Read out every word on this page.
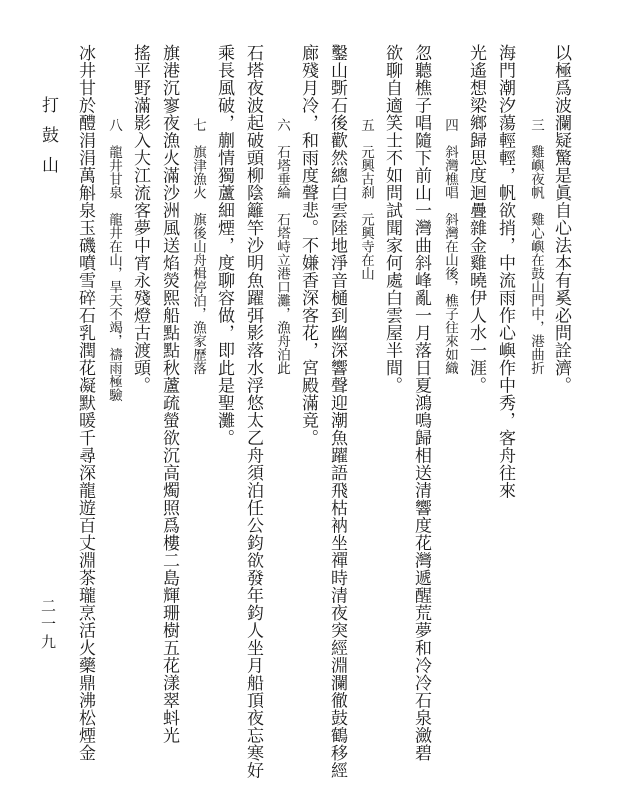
打鼓山
二一九
以極爲波瀾疑驚是眞自心法本有奚必問詮濟。
三　雞嶼夜帆　雞心嶼在鼓山門中，港曲折
海門潮汐蕩輕輕，帆欲捎，中流雨作心嶼作中秀，客舟往來
光遙想梁鄉歸思度迴疊雜金雞曉伊人水一涯。
四　斜灣樵唱　斜灣在山後，樵子往來如織
忽聽樵子唱隨下前山一灣曲斜峰亂一月落日夏鴻鳴歸相送清響度花灣遞醒荒夢和冷冷石泉瀲碧
欲聊自適笑士不如問試聞家何處白雲屋半間。
五　元興古刹　元興寺在山
鑿山斲石後歡然總白雲陸地淨音樋到幽深響聲迎潮魚躍語飛枯衲坐禪時清夜突經淵瀾徹鼓鶴移經
廊殘月冷，和雨度聲悲。不嫌香深客花，宮殿滿竟。
六　石塔垂綸　石塔峙立港口灘，漁舟泊此
石塔夜波起破頭柳陰籬竿沙明魚躍弭影落水浮悠太乙舟須泊任公鈞欲發年鈞人坐月船頂夜忘寒好
乘長風破，蒯情獨蘆細煙，度聊容做，即此是聖灘。
七　旗津漁火　旗後山舟楫停泊，漁家歷落
旗港沉寥夜漁火滿沙洲風送焰熒熙船點點秋蘆疏螢欲沉高燭照爲樓二島輝珊樹五花漾翠蚪光
搖平野滿影入大江流客夢中宵永殘燈古渡頭。
八　龍井甘泉　龍井在山，旱天不竭，禱雨極驗
冰井甘於醴涓涓萬斛泉玉磯噴雪碎石乳潤花凝默暖千尋深龍遊百丈淵茶瓏烹活火藥鼎沸松煙金
